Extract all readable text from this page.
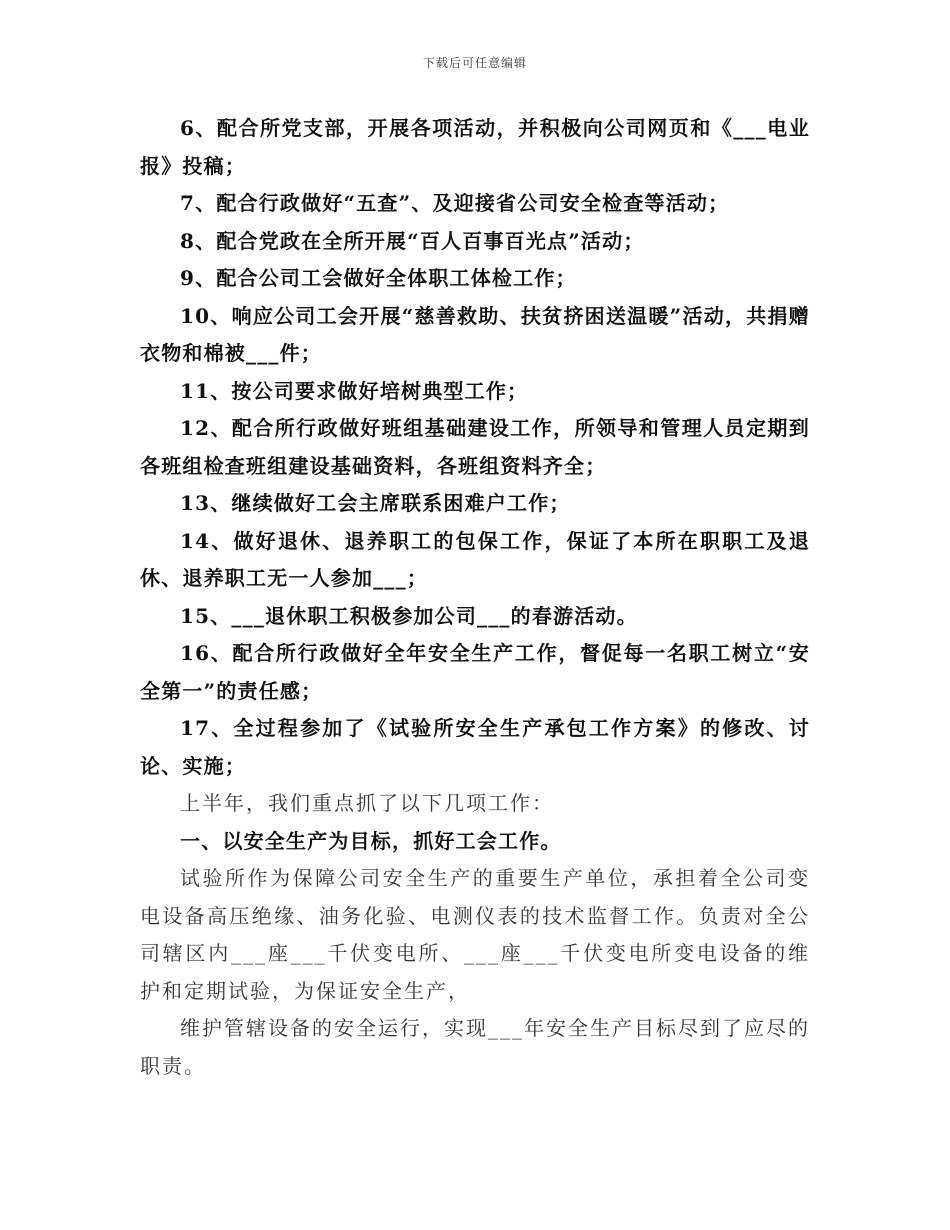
下载后可任意编辑

6、配合所党支部，开展各项活动，并积极向公司网页和《___电业报》投稿；

7、配合行政做好“五查”、及迎接省公司安全检查等活动；

8、配合党政在全所开展“百人百事百光点”活动；

9、配合公司工会做好全体职工体检工作；

10、响应公司工会开展“慈善救助、扶贫挤困送温暖”活动，共捐赠衣物和棉被___件；

11、按公司要求做好培树典型工作；

12、配合所行政做好班组基础建设工作，所领导和管理人员定期到各班组检查班组建设基础资料，各班组资料齐全；

13、继续做好工会主席联系困难户工作；

14、做好退休、退养职工的包保工作，保证了本所在职职工及退休、退养职工无一人参加___；

15、___退休职工积极参加公司___的春游活动。

16、配合所行政做好全年安全生产工作，督促每一名职工树立“安全第一”的责任感；

17、全过程参加了《试验所安全生产承包工作方案》的修改、讨论、实施；

上半年，我们重点抓了以下几项工作：

一、以安全生产为目标，抓好工会工作。

试验所作为保障公司安全生产的重要生产单位，承担着全公司变电设备高压绝缘、油务化验、电测仪表的技术监督工作。负责对全公司辖区内___座___千伏变电所、___座___千伏变电所变电设备的维护和定期试验，为保证安全生产，

维护管辖设备的安全运行，实现___年安全生产目标尽到了应尽的职责。
